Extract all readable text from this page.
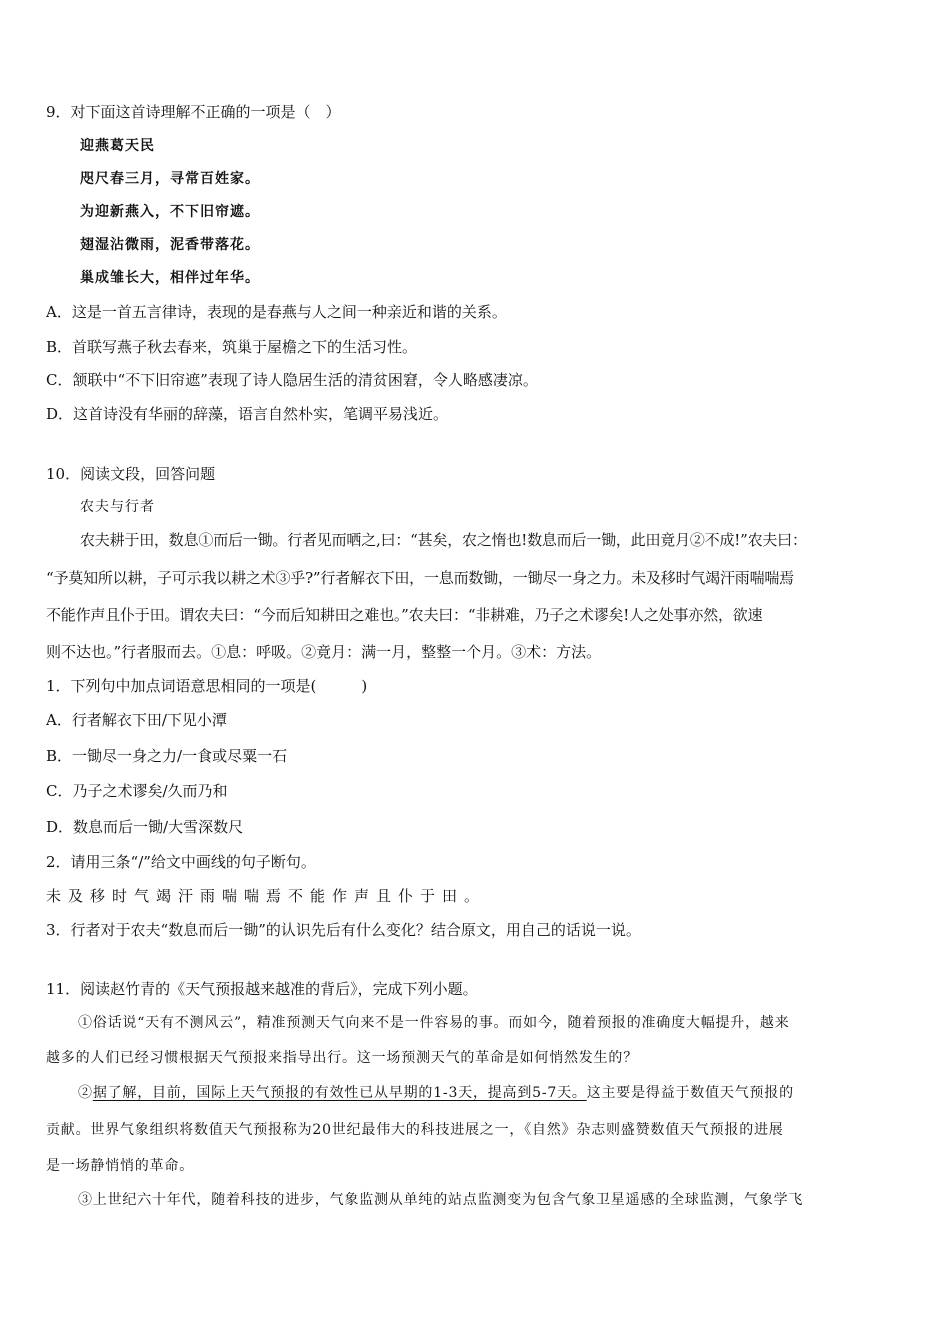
9．对下面这首诗理解不正确的一项是（　）
迎燕葛天民
咫尺春三月，寻常百姓家。
为迎新燕入，不下旧帘遮。
翅湿沾微雨，泥香带落花。
巢成雏长大，相伴过年华。
A．这是一首五言律诗，表现的是春燕与人之间一种亲近和谐的关系。
B．首联写燕子秋去春来，筑巢于屋檐之下的生活习性。
C．颔联中“不下旧帘遮”表现了诗人隐居生活的清贫困窘，令人略感凄凉。
D．这首诗没有华丽的辞藻，语言自然朴实，笔调平易浅近。
10．阅读文段，回答问题
农夫与行者
农夫耕于田，数息①而后一锄。行者见而哂之,曰：“甚矣，农之惰也!数息而后一锄，此田竟月②不成!”农夫曰：
“予莫知所以耕，子可示我以耕之术③乎?”行者解衣下田，一息而数锄，一锄尽一身之力。未及移时气竭汗雨喘喘焉
不能作声且仆于田。谓农夫曰：“今而后知耕田之难也。”农夫曰：“非耕难，乃子之术谬矣!人之处事亦然，欲速
则不达也。”行者服而去。①息：呼吸。②竟月：满一月，整整一个月。③术：方法。
1．下列句中加点词语意思相同的一项是(　　　)
A．行者解衣下田/下见小潭
B．一锄尽一身之力/一食或尽粟一石
C．乃子之术谬矣/久而乃和
D．数息而后一锄/大雪深数尺
2．请用三条“/”给文中画线的句子断句。
未及移时气竭汗雨喘喘焉不能作声且仆于田。
3．行者对于农夫“数息而后一锄”的认识先后有什么变化？结合原文，用自己的话说一说。
11．阅读赵竹青的《天气预报越来越准的背后》，完成下列小题。
①俗话说“天有不测风云”，精准预测天气向来不是一件容易的事。而如今，随着预报的准确度大幅提升，越来
越多的人们已经习惯根据天气预报来指导出行。这一场预测天气的革命是如何悄然发生的？
②据了解，目前，国际上天气预报的有效性已从早期的1-3天，提高到5-7天。这主要是得益于数值天气预报的
贡献。世界气象组织将数值天气预报称为20世纪最伟大的科技进展之一，《自然》杂志则盛赞数值天气预报的进展
是一场静悄悄的革命。
③上世纪六十年代，随着科技的进步，气象监测从单纯的站点监测变为包含气象卫星遥感的全球监测，气象学飞
